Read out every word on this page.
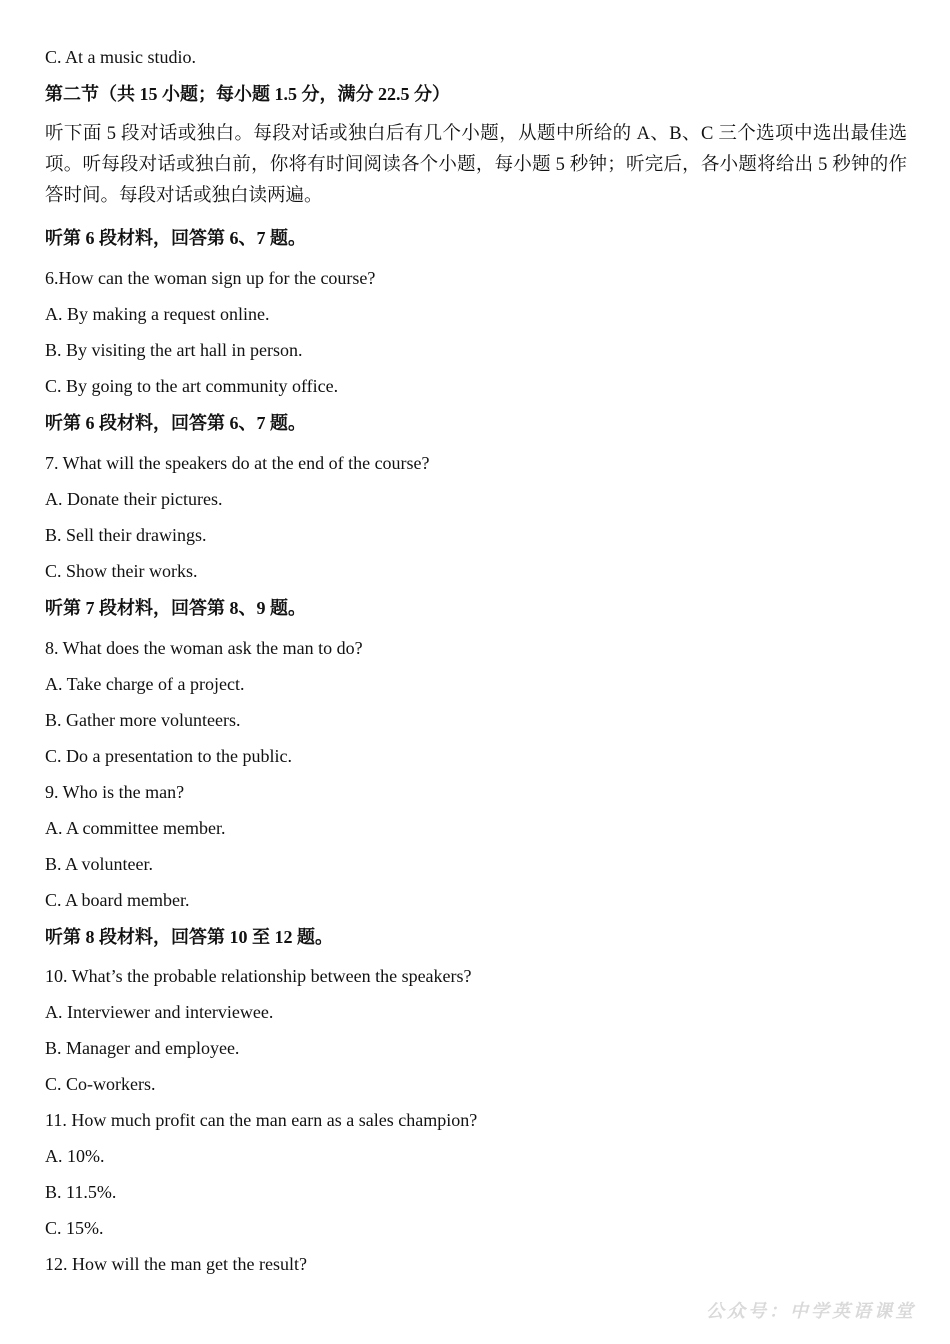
C. At a music studio.
第二节（共 15 小题；每小题 1.5 分，满分 22.5 分）
听下面 5 段对话或独白。每段对话或独白后有几个小题，从题中所给的 A、B、C 三个选项中选出最佳选项。听每段对话或独白前，你将有时间阅读各个小题，每小题 5 秒钟；听完后，各小题将给出 5 秒钟的作答时间。每段对话或独白读两遍。
听第 6 段材料，回答第 6、7 题。
6.How can the woman sign up for the course?
A. By making a request online.
B. By visiting the art hall in person.
C. By going to the art community office.
听第 6 段材料，回答第 6、7 题。
7. What will the speakers do at the end of the course?
A. Donate their pictures.
B. Sell their drawings.
C. Show their works.
听第 7 段材料，回答第 8、9 题。
8. What does the woman ask the man to do?
A. Take charge of a project.
B. Gather more volunteers.
C. Do a presentation to the public.
9. Who is the man?
A. A committee member.
B. A volunteer.
C. A board member.
听第 8 段材料，回答第 10 至 12 题。
10. What’s the probable relationship between the speakers?
A. Interviewer and interviewee.
B. Manager and employee.
C. Co-workers.
11. How much profit can the man earn as a sales champion?
A. 10%.
B. 11.5%.
C. 15%.
12. How will the man get the result?
公众号：中学英语课堂
